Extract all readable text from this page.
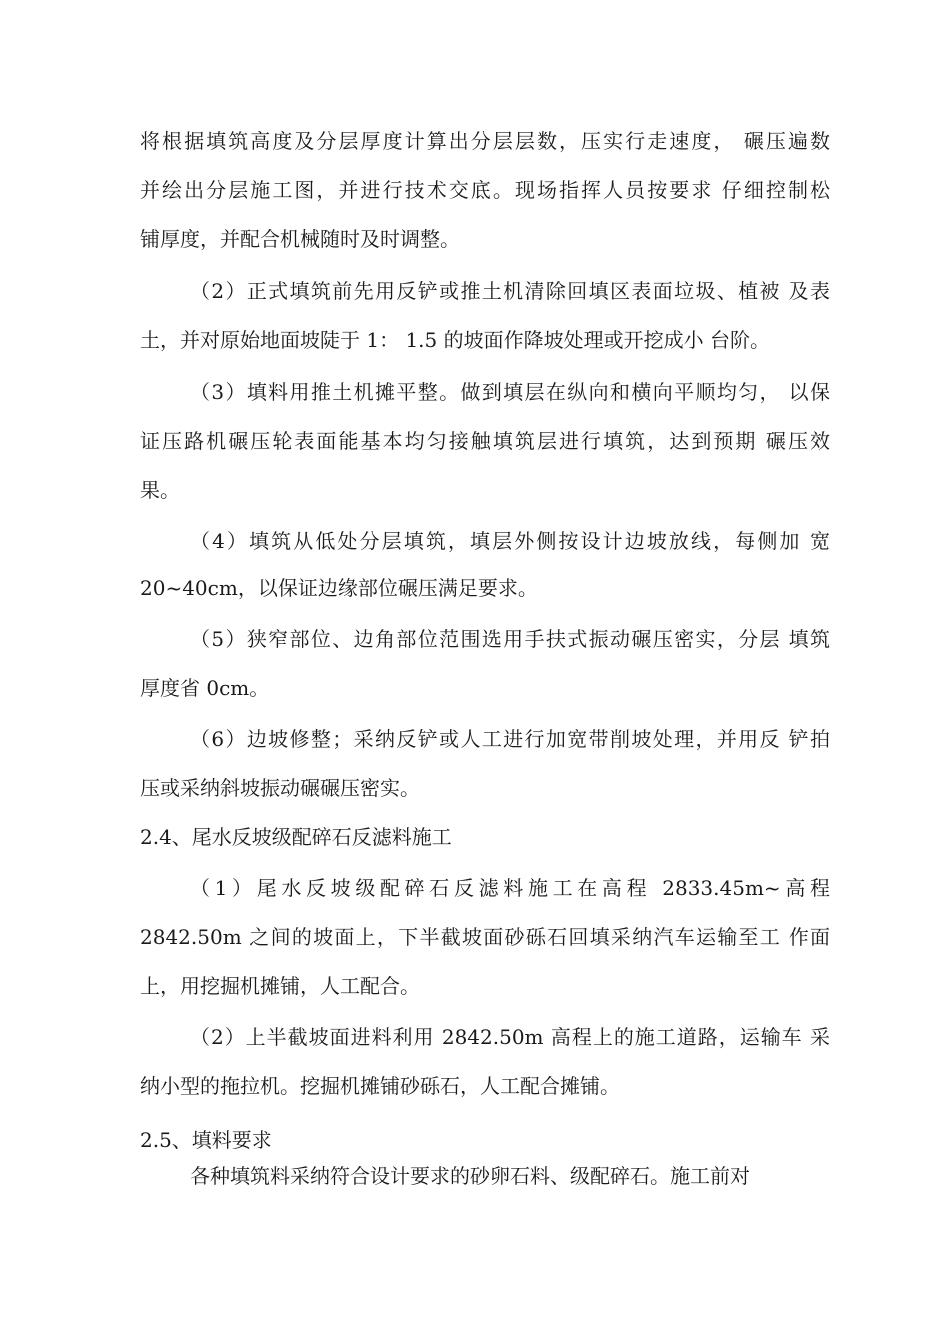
将根据填筑高度及分层厚度计算出分层层数，压实行走速度， 碾压遍数
并绘出分层施工图，并进行技术交底。现场指挥人员按要求 仔细控制松
铺厚度，并配合机械随时及时调整。
（2）正式填筑前先用反铲或推土机清除回填区表面垃圾、植被 及表
土，并对原始地面坡陡于 1： 1.5 的坡面作降坡处理或开挖成小 台阶。
（3）填料用推土机摊平整。做到填层在纵向和横向平顺均匀， 以保
证压路机碾压轮表面能基本均匀接触填筑层进行填筑，达到预期 碾压效
果。
（4）填筑从低处分层填筑，填层外侧按设计边坡放线，每侧加 宽
20~40cm，以保证边缘部位碾压满足要求。
（5）狭窄部位、边角部位范围选用手扶式振动碾压密实，分层 填筑
厚度省 0cm。
（6）边坡修整；采纳反铲或人工进行加宽带削坡处理，并用反 铲拍
压或采纳斜坡振动碾碾压密实。
2.4、尾水反坡级配碎石反滤料施工
（1）尾水反坡级配碎石反滤料施工在高程 2833.45m~高程
2842.50m 之间的坡面上，下半截坡面砂砾石回填采纳汽车运输至工 作面
上，用挖掘机摊铺，人工配合。
（2）上半截坡面进料利用 2842.50m 高程上的施工道路，运输车 采
纳小型的拖拉机。挖掘机摊铺砂砾石，人工配合摊铺。
2.5、填料要求
各种填筑料采纳符合设计要求的砂卵石料、级配碎石。施工前对
